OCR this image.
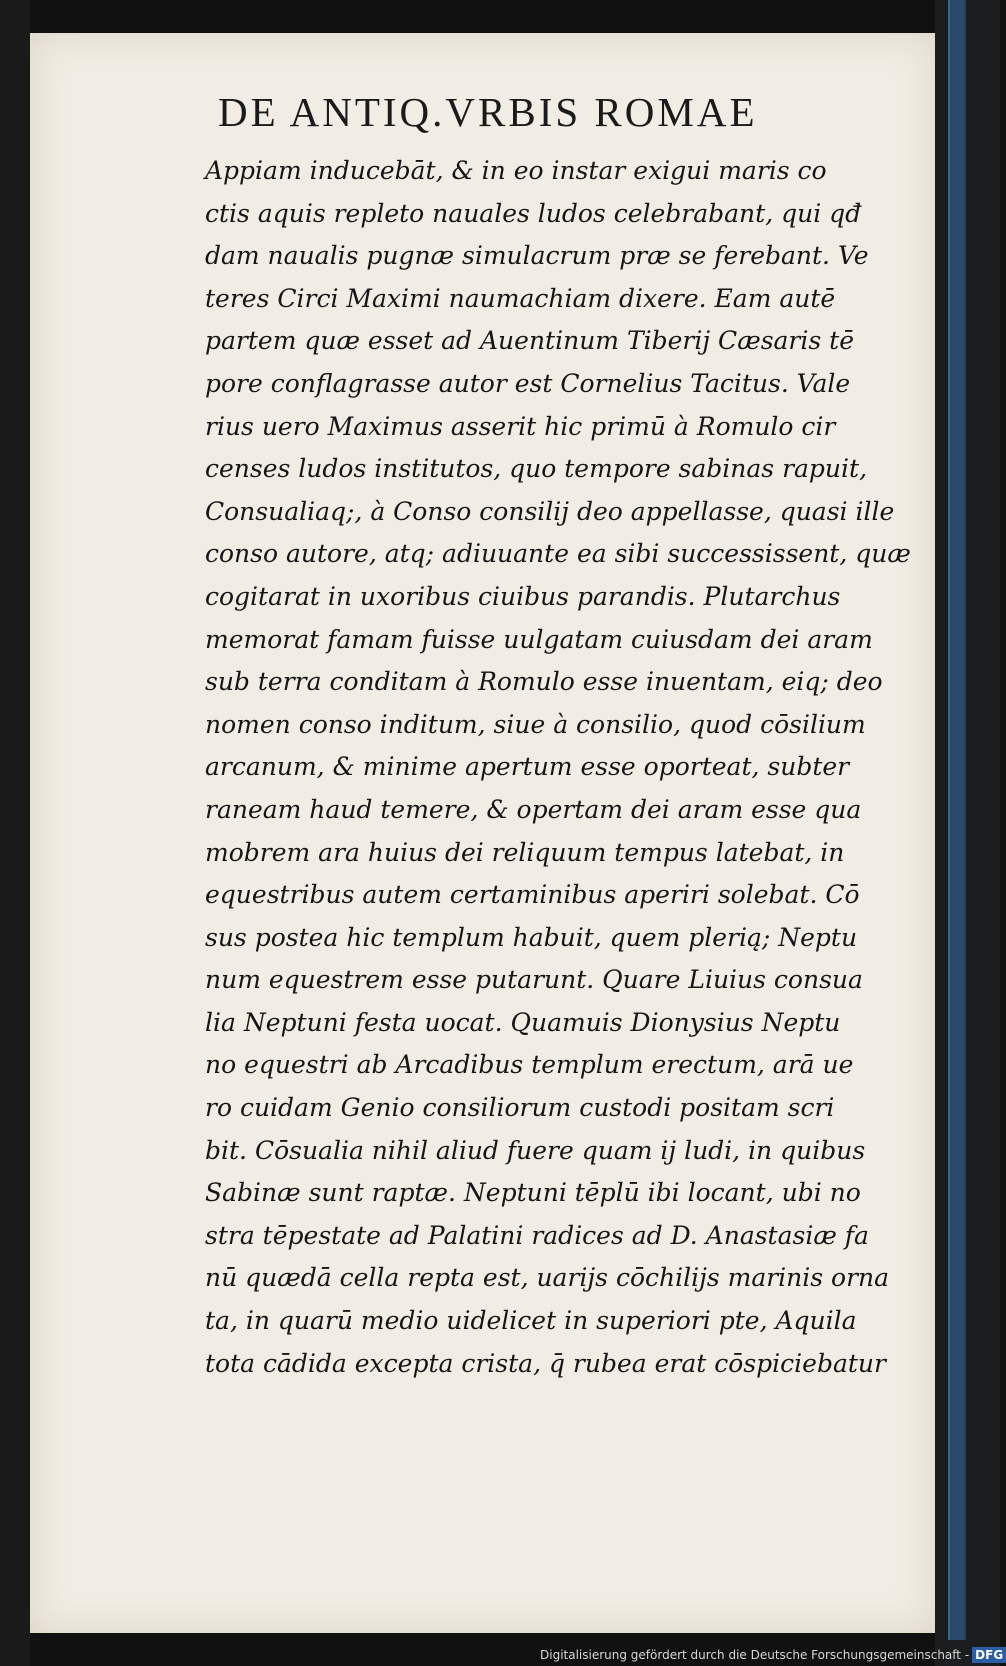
DE ANTIQ.VRBIS ROMAE
Appiam inducebāt, & in eo instar exigui maris co
ctis aquis repleto nauales ludos celebrabant, qui qđ
dam naualis pugnæ simulacrum præ se ferebant. Ve
teres Circi Maximi naumachiam dixere. Eam autē
partem quæ esset ad Auentinum Tiberij Cæsaris tē
pore conflagrasse autor est Cornelius Tacitus. Vale
rius uero Maximus asserit hic primū à Romulo cir
censes ludos institutos, quo tempore sabinas rapuit,
Consualiaq;, à Conso consilij deo appellasse, quasi ille
conso autore, atq; adiuuante ea sibi successissent, quæ
cogitarat in uxoribus ciuibus parandis. Plutarchus
memorat famam fuisse uulgatam cuiusdam dei aram
sub terra conditam à Romulo esse inuentam, eiq; deo
nomen conso inditum, siue à consilio, quod cōsilium
arcanum, & minime apertum esse oporteat, subter
raneam haud temere, & opertam dei aram esse qua
mobrem ara huius dei reliquum tempus latebat, in
equestribus autem certaminibus aperiri solebat. Cō
sus postea hic templum habuit, quem plerią; Neptu
num equestrem esse putarunt. Quare Liuius consua
lia Neptuni festa uocat. Quamuis Dionysius Neptu
no equestri ab Arcadibus templum erectum, arā ue
ro cuidam Genio consiliorum custodi positam scri
bit. Cōsualia nihil aliud fuere quam ij ludi, in quibus
Sabinæ sunt raptæ. Neptuni tēplū ibi locant, ubi no
stra tēpestate ad Palatini radices ad D. Anastasiæ fa
nū quædā cella repta est, uarijs cōchilijs marinis orna
ta, in quarū medio uidelicet in superiori pte, Aquila
tota cādida excepta crista, q̄ rubea erat cōspiciebatur
Digitalisierung gefördert durch die Deutsche Forschungsgemeinschaft - DFG
